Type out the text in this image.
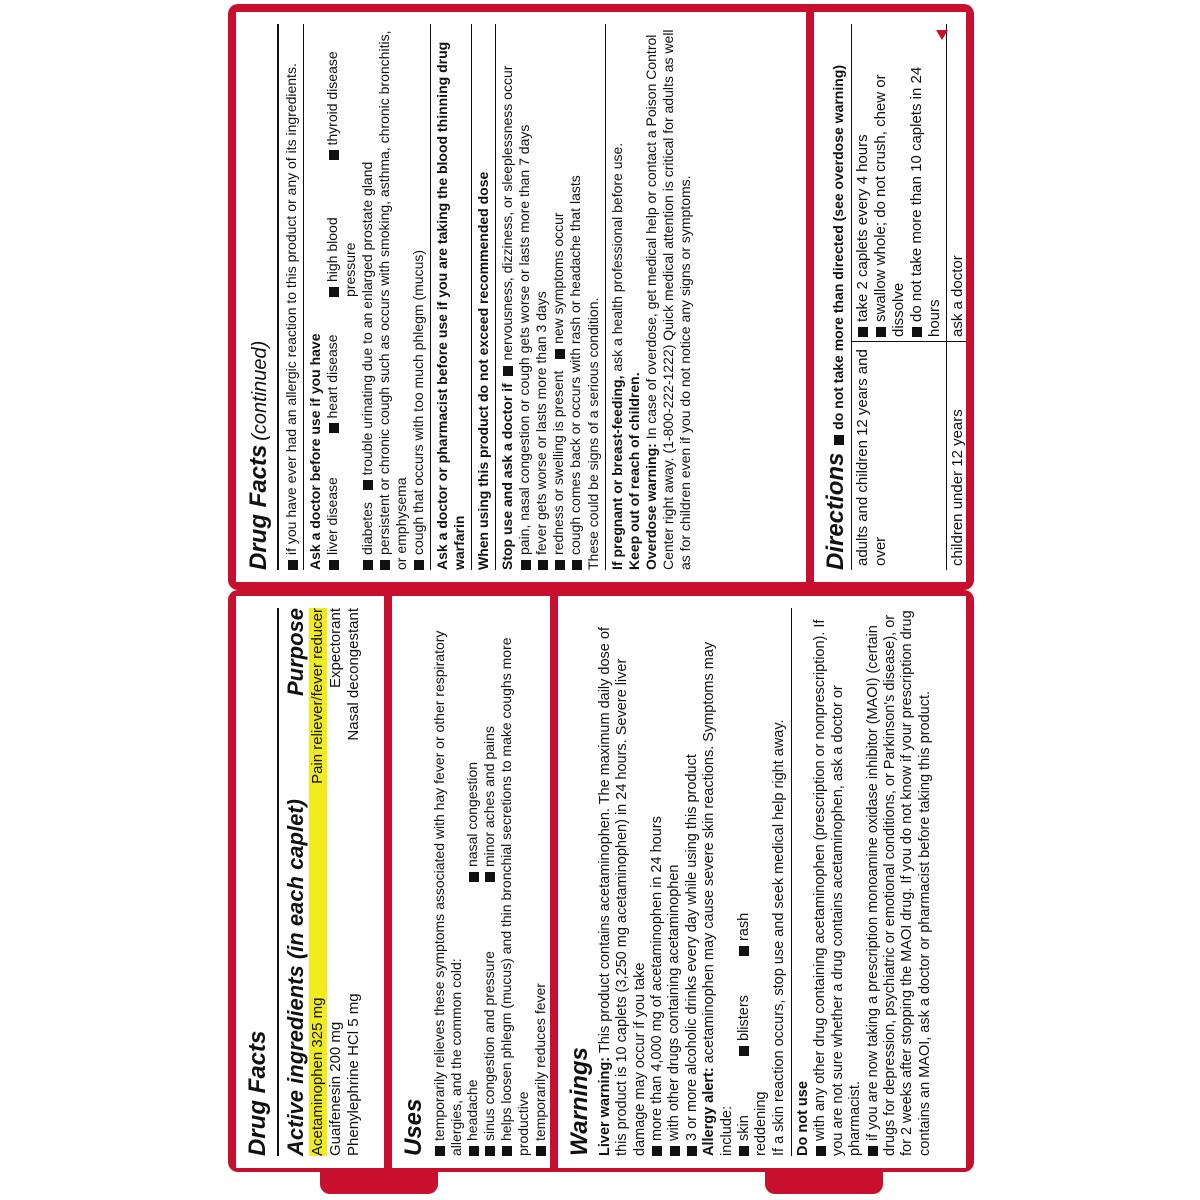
Drug Facts Active ingredients (in each caplet)
Purpose
Acetaminophen 325 mg
Pain reliever/fever reducer
Guaifenesin 200 mg
Expectorant
Phenylephrine HCl 5 mg
Nasal decongestant
Uses temporarily relieves these symptoms associated with hay fever or other respiratory allergies, and the common cold: headache
nasal congestion
sinus congestion and pressure
minor aches and pains helps loosen phlegm (mucus) and thin bronchial secretions to make coughs more productive temporarily reduces fever Warnings Liver warning: This product contains acetaminophen. The maximum daily dose of this product is 10 caplets (3,250 mg acetaminophen) in 24 hours. Severe liver damage may occur if you take more than 4,000 mg of acetaminophen in 24 hours with other drugs containing acetaminophen 3 or more alcoholic drinks every day while using this product Allergy alert: acetaminophen may cause severe skin reactions. Symptoms may include: skin reddening
blisters
rash	If a skin reaction occurs, stop use and seek medical help right away. Do not use with any other drug containing acetaminophen (prescription or nonprescription). If you are not sure whether a drug contains acetaminophen, ask a doctor or pharmacist. if you are now taking a prescription monoamine oxidase inhibitor (MAOI) (certain drugs for depression, psychiatric or emotional conditions, or Parkinson's disease), or for 2 weeks after stopping the MAOI drug. If you do not know if your prescription drug contains an MAOI, ask a doctor or pharmacist before taking this product.
Drug Facts (continued) if you have ever had an allergic reaction to this product or any of its ingredients. Ask a doctor before use if you have liver disease
heart disease
high blood pressure
thyroid disease
diabetes   trouble urinating due to an enlarged prostate gland persistent or chronic cough such as occurs with smoking, asthma, chronic bronchitis, or emphysema cough that occurs with too much phlegm (mucus) Ask a doctor or pharmacist before use if you are taking the blood thinning drug warfarin When using this product do not exceed recommended dose Stop use and ask a doctor if  nervousness, dizziness, or sleeplessness occur pain, nasal congestion or cough gets worse or lasts more than 7 days fever gets worse or lasts more than 3 days redness or swelling is present   new symptoms occur cough comes back or occurs with rash or headache that lasts These could be signs of a serious condition. If pregnant or breast-feeding, ask a health professional before use.
Keep out of reach of children. Overdose warning: In case of overdose, get medical help or contact a Poison Control Center right away. (1-800-222-1222) Quick medical attention is critical for adults as well as for children even if you do not notice any signs or symptoms.	Directions  do not take more than directed (see overdose warning)
adults and children 12 years and over	take 2 caplets every 4 hours swallow whole; do not crush, chew or dissolve do not take more than 10 caplets in 24 hours

children under 12 years	ask a doctor
